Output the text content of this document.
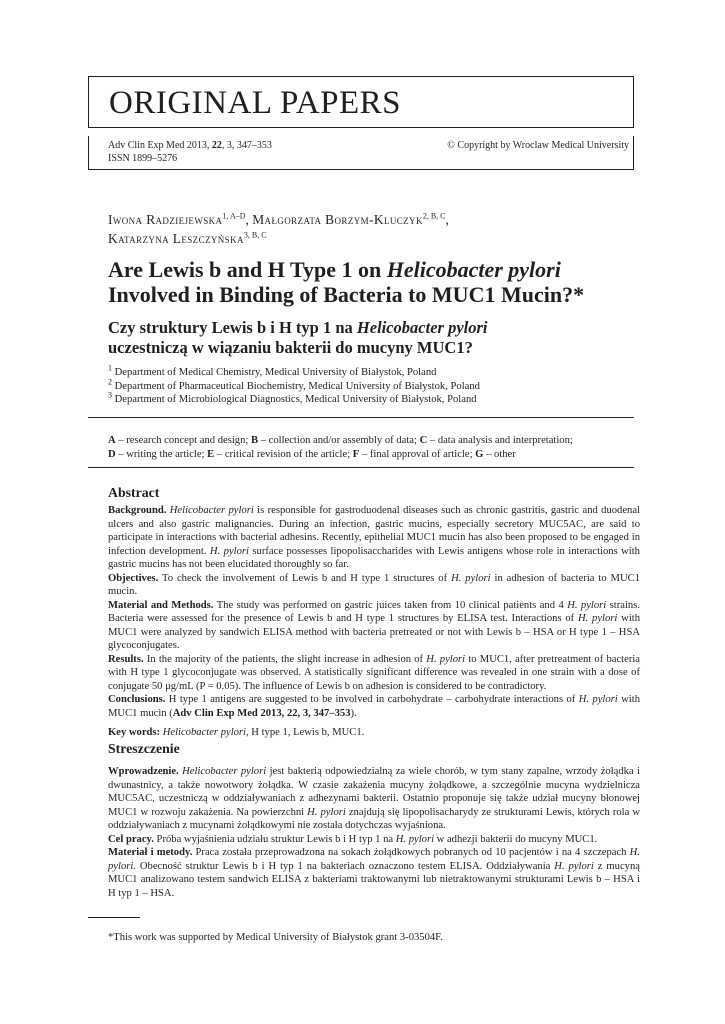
ORIGINAL PAPERS
Adv Clin Exp Med 2013, 22, 3, 347–353
ISSN 1899–5276
© Copyright by Wroclaw Medical University
Iwona Radziejewska$^{1, A-D}$, Małgorzata Borzym-Kluczyk$^{2, B, C}$,
Katarzyna Leszczyńska$^{3, B, C}$
Are Lewis b and H Type 1 on Helicobacter pylori
Involved in Binding of Bacteria to MUC1 Mucin?*
Czy struktury Lewis b i H typ 1 na Helicobacter pylori
uczestniczą w wiązaniu bakterii do mucyny MUC1?
$^1$ Department of Medical Chemistry, Medical University of Białystok, Poland
$^2$ Department of Pharmaceutical Biochemistry, Medical University of Białystok, Poland
$^3$ Department of Microbiological Diagnostics, Medical University of Białystok, Poland
A – research concept and design; B – collection and/or assembly of data; C – data analysis and interpretation;
D – writing the article; E – critical revision of the article; F – final approval of article; G – other
Abstract

Background. Helicobacter pylori is responsible for gastroduodenal diseases such as chronic gastritis, gastric and duodenal ulcers and also gastric malignancies. During an infection, gastric mucins, especially secretory MUC5AC, are said to participate in interactions with bacterial adhesins. Recently, epithelial MUC1 mucin has also been proposed to be engaged in infection development. H. pylori surface possesses lipopolisaccharides with Lewis antigens whose role in interactions with gastric mucins has not been elucidated thoroughly so far.

Objectives. To check the involvement of Lewis b and H type 1 structures of H. pylori in adhesion of bacteria to MUC1 mucin.

Material and Methods. The study was performed on gastric juices taken from 10 clinical patients and 4 H. pylori strains. Bacteria were assessed for the presence of Lewis b and H type 1 structures by ELISA test. Interactions of H. pylori with MUC1 were analyzed by sandwich ELISA method with bacteria pretreated or not with Lewis b – HSA or H type 1 – HSA glycoconjugates.

Results. In the majority of the patients, the slight increase in adhesion of H. pylori to MUC1, after pretreatment of bacteria with H type 1 glycoconjugate was observed. A statistically significant difference was revealed in one strain with a dose of conjugate 50 μg/mL (P = 0.05). The influence of Lewis b on adhesion is considered to be contradictory.

Conclusions. H type 1 antigens are suggested to be involved in carbohydrate – carbohydrate interactions of H. pylori with MUC1 mucin (Adv Clin Exp Med 2013, 22, 3, 347–353).

Key words: Helicobacter pylori, H type 1, Lewis b, MUC1.

Streszczenie

Wprowadzenie. Helicobacter pylori jest bakterią odpowiedzialną za wiele chorób, w tym stany zapalne, wrzody żołądka i dwunastnicy, a także nowotwory żołądka. W czasie zakażenia mucyny żołądkowe, a szczególnie mucyna wydzielnicza MUC5AC, uczestniczą w oddziaływaniach z adhezynami bakterii. Ostatnio proponuje się także udział mucyny błonowej MUC1 w rozwoju zakażenia. Na powierzchni H. pylori znajdują się lipopolisacharydy ze strukturami Lewis, których rola w oddziaływaniach z mucynami żołądkowymi nie została dotychczas wyjaśniona.

Cel pracy. Próba wyjaśnienia udziału struktur Lewis b i H typ 1 na H. pylori w adhezji bakterii do mucyny MUC1.

Materiał i metody. Praca została przeprowadzona na sokach żołądkowych pobranych od 10 pacjentów i na 4 szczepach H. pylori. Obecność struktur Lewis b i H typ 1 na bakteriach oznaczono testem ELISA. Oddziaływania H. pylori z mucyną MUC1 analizowano testem sandwich ELISA z bakteriami traktowanymi lub nietraktowanymi strukturami Lewis b – HSA i H typ 1 – HSA.

*This work was supported by Medical University of Białystok grant 3-03504F.
